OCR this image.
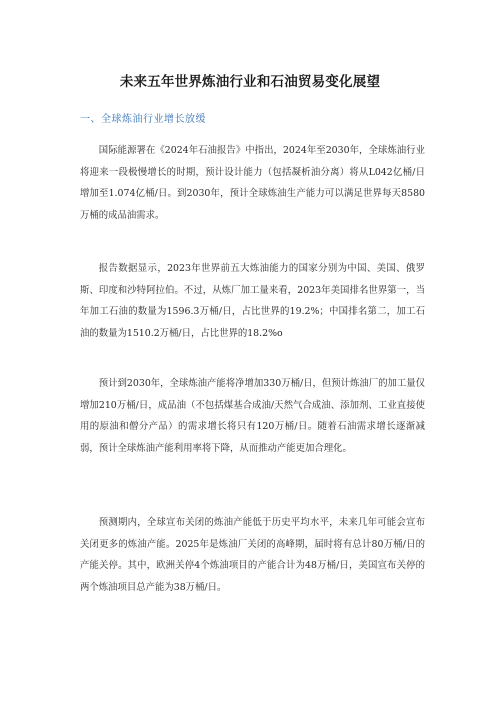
未来五年世界炼油行业和石油贸易变化展望
一、全球炼油行业增长放缓

国际能源署在《2024年石油报告》中指出，2024年至2030年，全球炼油行业将迎来一段极慢增长的时期，预计设计能力（包括凝析油分离）将从L042亿桶/日增加至1.074亿桶/日。到2030年，预计全球炼油生产能力可以满足世界每天8580万桶的成品油需求。

报告数据显示，2023年世界前五大炼油能力的国家分别为中国、美国、俄罗斯、印度和沙特阿拉伯。不过，从炼厂加工量来看，2023年美国排名世界第一，当年加工石油的数量为1596.3万桶/日，占比世界的19.2%；中国排名第二，加工石油的数量为1510.2万桶/日，占比世界的18.2%o

预计到2030年，全球炼油产能将净增加330万桶/日，但预计炼油厂的加工量仅增加210万桶/日，成品油（不包括煤基合成油/天然气合成油、添加剂、工业直接使用的原油和僧分产品）的需求增长将只有120万桶/日。随着石油需求增长逐渐减弱，预计全球炼油产能利用率将下降，从而推动产能更加合理化。

预测期内，全球宣布关闭的炼油产能低于历史平均水平，未来几年可能会宣布关闭更多的炼油产能。2025年是炼油厂关闭的高峰期，届时将有总计80万桶/日的产能关停。其中，欧洲关停4个炼油项目的产能合计为48万桶/日，美国宣布关停的两个炼油项目总产能为38万桶/日。
